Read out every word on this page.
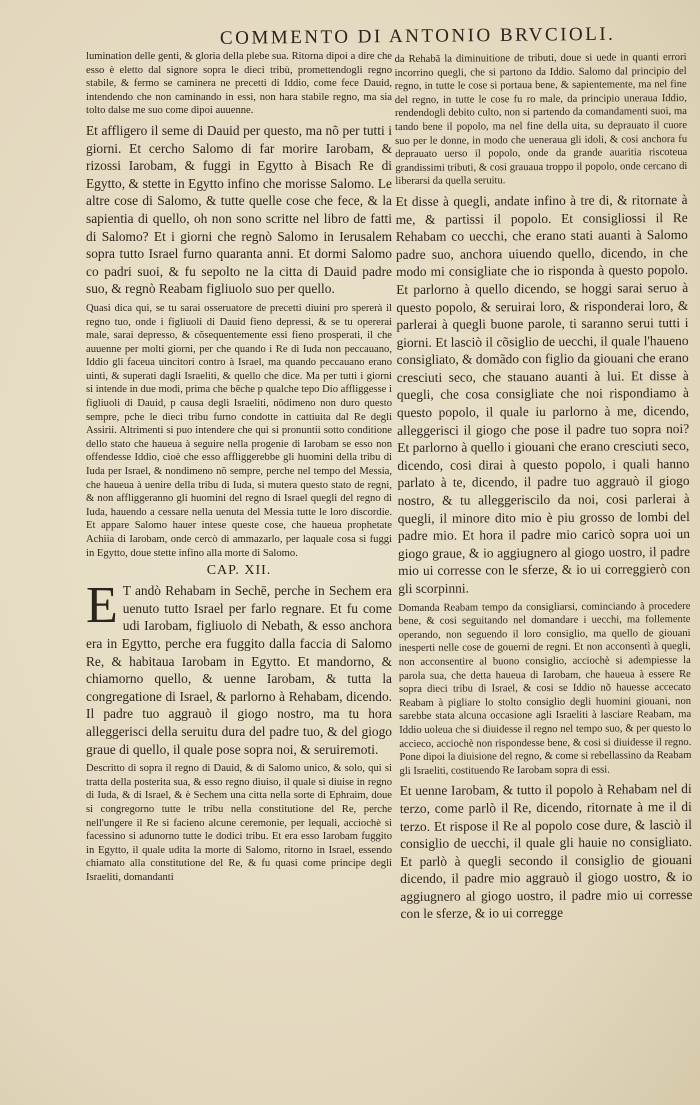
COMMENTO DI ANTONIO BRVCIOLI.

lumination delle genti, & gloria della plebe sua. Ritorna dipoi a dire che esso è eletto dal signore sopra le dieci tribù, promettendogli regno stabile, & fermo se caminera ne precetti di Iddio, come fece Dauid, intendendo che non caminando in essi, non hara stabile regno, ma sia tolto dalse me suo come dipoi auuenne.

Et affligero il seme di Dauid per questo, ma nõ per tutti i giorni. Et cercho Salomo di far morire Iarobam, & rizossi Iarobam, & fuggi in Egytto à Bisach Re di Egytto, & stette in Egytto infino che morisse Salomo. Le altre cose di Salomo, & tutte quelle cose che fece, & la sapientia di quello, oh non sono scritte nel libro de fatti di Salomo? Et i giorni che regnò Salomo in Ierusalem sopra tutto Israel furno quaranta anni. Et dormi Salomo co padri suoi, & fu sepolto ne la citta di Dauid padre suo, & regnò Reabam figliuolo suo per quello.

Quasi dica qui, se tu sarai osseruatore de precetti diuini pro spererà il regno tuo, onde i figliuoli di Dauid fieno depressi, & se tu opererai male, sarai depresso, & cõsequentemente essi fieno prosperati, il che auuenne per molti giorni, per che quando i Re di Iuda non peccauano, Iddio gli faceua uincitori contro à Israel, ma quando peccauano erano uinti, & superati dagli Israeliti, & quello che dice. Ma per tutti i giorni si intende in due modi, prima che bēche p qualche tepo Dio affliggesse i figliuoli di Dauid, p causa degli Israeliti, nõdimeno non duro questo sempre, pche le dieci tribu furno condotte in cattiuita dal Re degli Assirii. Altrimenti si puo intendere che qui si pronuntii sotto conditione dello stato che haueua à seguire nella progenie di Iarobam se esso non offendesse Iddio, cioè che esso affliggerebbe gli huomini della tribu di Iuda per Israel, & nondimeno nõ sempre, perche nel tempo del Messia, che haueua à uenire della tribu di Iuda, si mutera questo stato de regni, & non affliggeranno gli huomini del regno di Israel quegli del regno di Iuda, hauendo a cessare nella uenuta del Messia tutte le loro discordie. Et appare Salomo hauer intese queste cose, che haueua prophetate Achiia di Iarobam, onde cercò di ammazarlo, per laquale cosa si fuggi in Egytto, doue stette infino alla morte di Salomo.

CAP. XII.

E T andò Rehabam in Sechē, perche in Sechem era uenuto tutto Israel per farlo regnare. Et fu come udi Iarobam, figliuolo di Nebath, & esso anchora era in Egytto, perche era fuggito dalla faccia di Salomo Re, & habitaua Iarobam in Egytto. Et mandorno, & chiamorno quello, & uenne Iarobam, & tutta la congregatione di Israel, & parlorno à Rehabam, dicendo. Il padre tuo aggrauò il giogo nostro, ma tu hora alleggerisci della seruitu dura del padre tuo, & del giogo graue di quello, il quale pose sopra noi, & seruiremoti.

Descritto di sopra il regno di Dauid, & di Salomo unico, & solo, qui si tratta della posterita sua, & esso regno diuiso, il quale si diuise in regno di Iuda, & di Israel, & è Sechem una citta nella sorte di Ephraim, doue si congregorno tutte le tribu nella constitutione del Re, perche nell'ungere il Re si facieno alcune ceremonie, per lequali, acciochè si facessino si adunorno tutte le dodici tribu. Et era esso Iarobam fuggito in Egytto, il quale udita la morte di Salomo, ritorno in Israel, essendo chiamato alla constitutione del Re, & fu quasi come principe degli Israeliti, domandanti

da Rehabā la diminuitione de tributi, doue si uede in quanti errori incorrino quegli, che si partono da Iddio. Salomo dal principio del regno, in tutte le cose si portaua bene, & sapientemente, ma nel fine del regno, in tutte le cose fu ro male, da principio uneraua Iddio, rendendogli debito culto, non si partendo da comandamenti suoi, ma tando bene il popolo, ma nel fine della uita, su deprauato il cuore suo per le donne, in modo che ueneraua gli idoli, & cosi anchora fu deprauato uerso il popolo, onde da grande auaritia riscoteua grandissimi tributi, & cosi grauaua troppo il popolo, onde cercano di liberarsi da quella seruitu.

Et disse à quegli, andate infino à tre di, & ritornate à me, & partissi il popolo. Et consigliossi il Re Rehabam co uecchi, che erano stati auanti à Salomo padre suo, anchora uiuendo quello, dicendo, in che modo mi consigliate che io risponda à questo popolo. Et parlorno à quello dicendo, se hoggi sarai seruo à questo popolo, & seruirai loro, & risponderai loro, & parlerai à quegli buone parole, ti saranno serui tutti i giorni. Et lasciò il cõsiglio de uecchi, il quale l'haueno consigliato, & domãdo con figlio da giouani che erano cresciuti seco, che stauano auanti à lui. Et disse à quegli, che cosa consigliate che noi rispondiamo à questo popolo, il quale iu parlorno à me, dicendo, alleggerisci il giogo che pose il padre tuo sopra noi? Et parlorno à quello i giouani che erano cresciuti seco, dicendo, cosi dirai à questo popolo, i quali hanno parlato à te, dicendo, il padre tuo aggrauò il giogo nostro, & tu alleggeriscilo da noi, cosi parlerai à quegli, il minore dito mio è piu grosso de lombi del padre mio. Et hora il padre mio caricò sopra uoi un giogo graue, & io aggiugnero al giogo uostro, il padre mio ui corresse con le sferze, & io ui correggierò con gli scorpinni.

Domanda Reabam tempo da consigliarsi, cominciando à procedere bene, & cosi seguitando nel domandare i uecchi, ma follemente operando, non seguendo il loro consiglio, ma quello de giouani inesperti nelle cose de gouerni de regni. Et non acconsentì à quegli, non acconsentire al buono consiglio, acciochè si adempiesse la parola sua, che detta haueua di Iarobam, che haueua à essere Re sopra dieci tribu di Israel, & cosi se Iddio nõ hauesse accecato Reabam à pigliare lo stolto consiglio degli huomini giouani, non sarebbe stata alcuna occasione agli Israeliti à lasciare Reabam, ma Iddio uoleua che si diuidesse il regno nel tempo suo, & per questo lo accieco, acciochè non rispondesse bene, & cosi si diuidesse il regno. Pone dipoi la diuisione del regno, & come si rebellassino da Reabam gli Israeliti, costituendo Re Iarobam sopra di essi.

Et uenne Iarobam, & tutto il popolo à Rehabam nel di terzo, come parlò il Re, dicendo, ritornate à me il di terzo. Et rispose il Re al popolo cose dure, & lasciò il consiglio de uecchi, il quale gli hauie no consigliato. Et parlò à quegli secondo il consiglio de giouani dicendo, il padre mio aggrauò il giogo uostro, & io aggiugnero al giogo uostro, il padre mio ui corresse con le sferze, & io ui corregge
